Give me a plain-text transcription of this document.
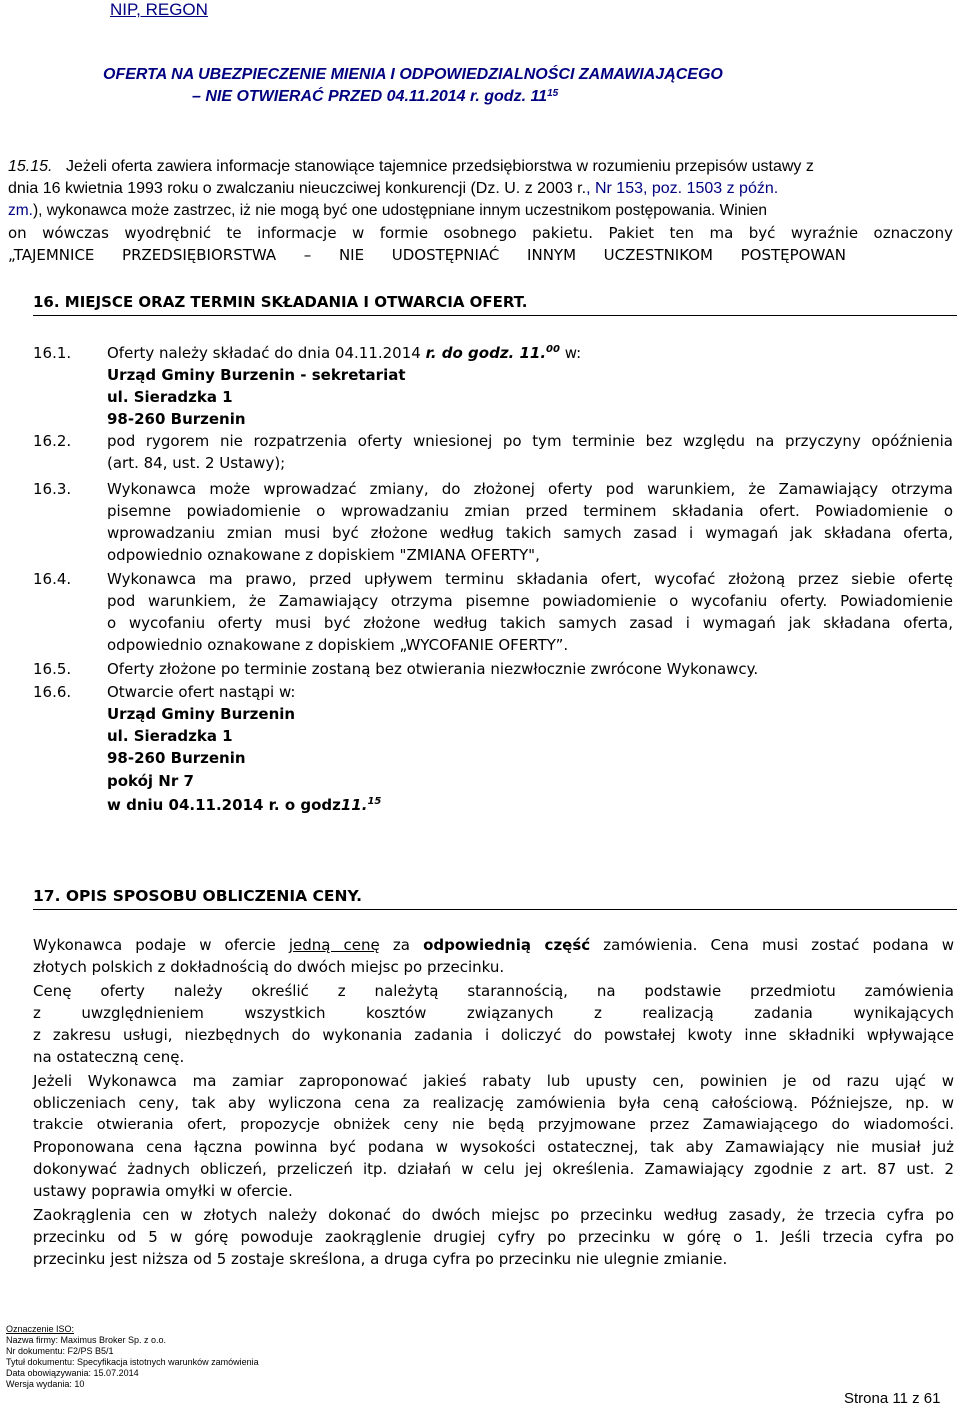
NIP, REGON
OFERTA NA UBEZPIECZENIE MIENIA I ODPOWIEDZIALNOŚCI ZAMAWIAJĄCEGO
– NIE OTWIERAĆ PRZED 04.11.2014 r. godz. $11^{15}$
15.15. Jeżeli oferta zawiera informacje stanowiące tajemnice przedsiębiorstwa w rozumieniu przepisów ustawy z
dnia 16 kwietnia 1993 roku o zwalczaniu nieuczciwej konkurencji (Dz. U. z 2003 r., Nr 153, poz. 1503 z późn.
zm.), wykonawca może zastrzec, iż nie mogą być one udostępniane innym uczestnikom postępowania. Winien
on wówczas wyodrębnić te informacje w formie osobnego pakietu. Pakiet ten ma być wyraźnie oznaczony
„TAJEMNICE PRZEDSIĘBIORSTWA – NIE UDOSTĘPNIAĆ INNYM UCZESTNIKOM POSTĘPOWAN
16. MIEJSCE ORAZ TERMIN SKŁADANIA I OTWARCIA OFERT.
16.1. Oferty należy składać do dnia 04.11.2014 r. do godz. 11.00 w:
Urząd Gminy Burzenin - sekretariat
ul. Sieradzka 1
98-260 Burzenin
16.2. pod rygorem nie rozpatrzenia oferty wniesionej po tym terminie bez względu na przyczyny opóźnienia
(art. 84, ust. 2 Ustawy);
16.3. Wykonawca może wprowadzać zmiany, do złożonej oferty pod warunkiem, że Zamawiający otrzyma
pisemne powiadomienie o wprowadzaniu zmian przed terminem składania ofert. Powiadomienie o
wprowadzaniu zmian musi być złożone według takich samych zasad i wymagań jak składana oferta,
odpowiednio oznakowane z dopiskiem "ZMIANA OFERTY",
16.4. Wykonawca ma prawo, przed upływem terminu składania ofert, wycofać złożoną przez siebie ofertę
pod warunkiem, że Zamawiający otrzyma pisemne powiadomienie o wycofaniu oferty. Powiadomienie
o wycofaniu oferty musi być złożone według takich samych zasad i wymagań jak składana oferta,
odpowiednio oznakowane z dopiskiem „WYCOFANIE OFERTY”.
16.5. Oferty złożone po terminie zostaną bez otwierania niezwłocznie zwrócone Wykonawcy.
16.6. Otwarcie ofert nastąpi w:
Urząd Gminy Burzenin
ul. Sieradzka 1
98-260 Burzenin
pokój Nr 7
w dniu 04.11.2014 r. o godz11.15
17. OPIS SPOSOBU OBLICZENIA CENY.
Wykonawca podaje w ofercie jedną cenę za odpowiednią część zamówienia. Cena musi zostać podana w
złotych polskich z dokładnością do dwóch miejsc po przecinku.
Cenę oferty należy określić z należytą starannością, na podstawie przedmiotu zamówienia
z uwzględnieniem wszystkich kosztów związanych z realizacją zadania wynikających
z zakresu usługi, niezbędnych do wykonania zadania i doliczyć do powstałej kwoty inne składniki wpływające
na ostateczną cenę.
Jeżeli Wykonawca ma zamiar zaproponować jakieś rabaty lub upusty cen, powinien je od razu ująć w
obliczeniach ceny, tak aby wyliczona cena za realizację zamówienia była ceną całościową. Późniejsze, np. w
trakcie otwierania ofert, propozycje obniżek ceny nie będą przyjmowane przez Zamawiającego do wiadomości.
Proponowana cena łączna powinna być podana w wysokości ostatecznej, tak aby Zamawiający nie musiał już
dokonywać żadnych obliczeń, przeliczeń itp. działań w celu jej określenia. Zamawiający zgodnie z art. 87 ust. 2
ustawy poprawia omyłki w ofercie.
Zaokrąglenia cen w złotych należy dokonać do dwóch miejsc po przecinku według zasady, że trzecia cyfra po
przecinku od 5 w górę powoduje zaokrąglenie drugiej cyfry po przecinku w górę o 1. Jeśli trzecia cyfra po
przecinku jest niższa od 5 zostaje skreślona, a druga cyfra po przecinku nie ulegnie zmianie.
Oznaczenie ISO:
Nazwa firmy: Maximus Broker Sp. z o.o.
Nr dokumentu: F2/PS B5/1
Tytuł dokumentu: Specyfikacja istotnych warunków zamówienia
Data obowiązywania: 15.07.2014
Wersja wydania: 10
Strona 11 z 61
